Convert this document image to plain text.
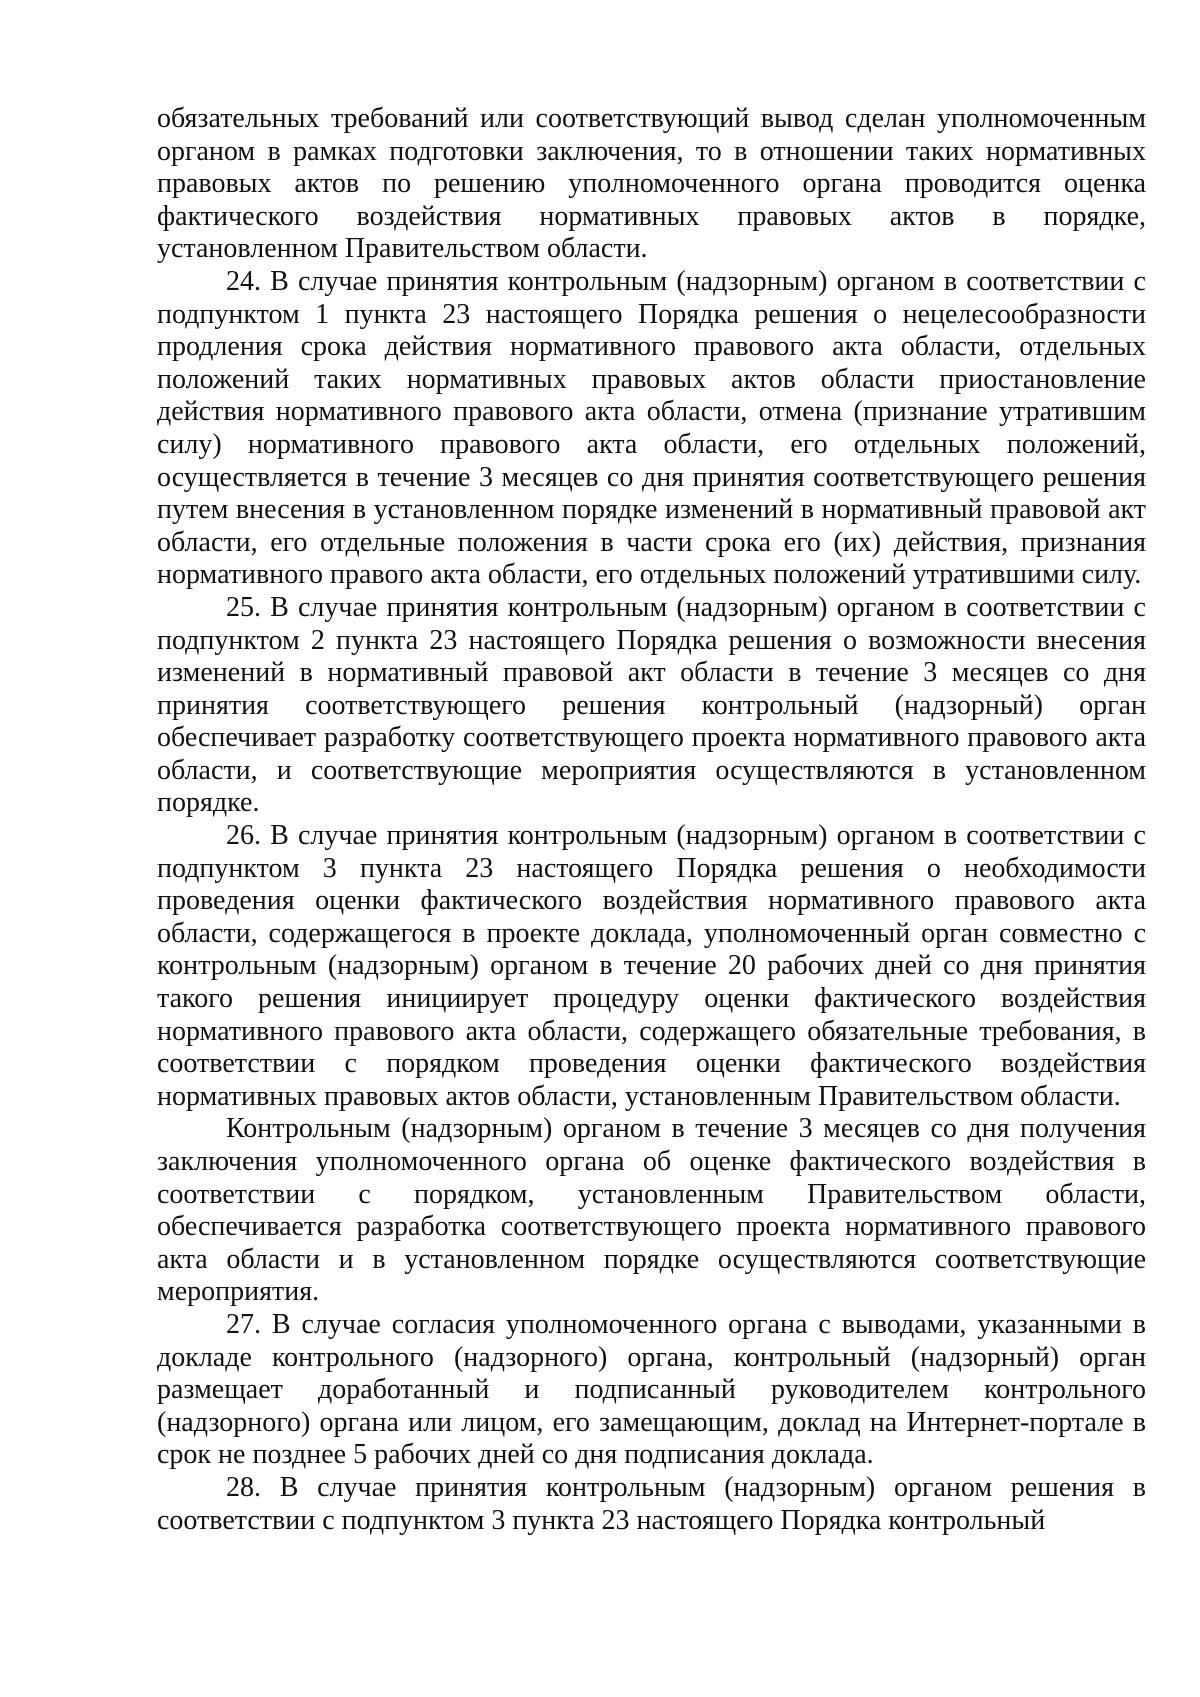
обязательных требований или соответствующий вывод сделан уполномоченным органом в рамках подготовки заключения, то в отношении таких нормативных правовых актов по решению уполномоченного органа проводится оценка фактического воздействия нормативных правовых актов в порядке, установленном Правительством области.

24. В случае принятия контрольным (надзорным) органом в соответствии с подпунктом 1 пункта 23 настоящего Порядка решения о нецелесообразности продления срока действия нормативного правового акта области, отдельных положений таких нормативных правовых актов области приостановление действия нормативного правового акта области, отмена (признание утратившим силу) нормативного правового акта области, его отдельных положений, осуществляется в течение 3 месяцев со дня принятия соответствующего решения путем внесения в установленном порядке изменений в нормативный правовой акт области, его отдельные положения в части срока его (их) действия, признания нормативного правого акта области, его отдельных положений утратившими силу.

25. В случае принятия контрольным (надзорным) органом в соответствии с подпунктом 2 пункта 23 настоящего Порядка решения о возможности внесения изменений в нормативный правовой акт области в течение 3 месяцев со дня принятия соответствующего решения контрольный (надзорный) орган обеспечивает разработку соответствующего проекта нормативного правового акта области, и соответствующие мероприятия осуществляются в установленном порядке.

26. В случае принятия контрольным (надзорным) органом в соответствии с подпунктом 3 пункта 23 настоящего Порядка решения о необходимости проведения оценки фактического воздействия нормативного правового акта области, содержащегося в проекте доклада, уполномоченный орган совместно с контрольным (надзорным) органом в течение 20 рабочих дней со дня принятия такого решения инициирует процедуру оценки фактического воздействия нормативного правового акта области, содержащего обязательные требования, в соответствии с порядком проведения оценки фактического воздействия нормативных правовых актов области, установленным Правительством области.

Контрольным (надзорным) органом в течение 3 месяцев со дня получения заключения уполномоченного органа об оценке фактического воздействия в соответствии с порядком, установленным Правительством области, обеспечивается разработка соответствующего проекта нормативного правового акта области и в установленном порядке осуществляются соответствующие мероприятия.

27. В случае согласия уполномоченного органа с выводами, указанными в докладе контрольного (надзорного) органа, контрольный (надзорный) орган размещает доработанный и подписанный руководителем контрольного (надзорного) органа или лицом, его замещающим, доклад на Интернет-портале в срок не позднее 5 рабочих дней со дня подписания доклада.

28. В случае принятия контрольным (надзорным) органом решения в соответствии с подпунктом 3 пункта 23 настоящего Порядка контрольный
